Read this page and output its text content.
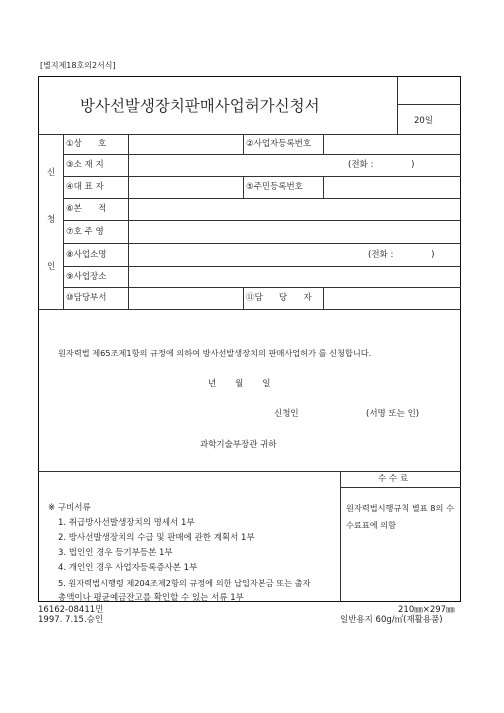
[별지제18호의2서식]
방사선발생장치판매사업허가신청서
20일
신
청
인
①상      호	②사업자등록번호
③소 재 지	(전화 :              )
④대 표 자	⑤주민등록번호
⑥본      적
⑦호 주 영
⑧사업소명	(전화 :              )
⑨사업장소
⑩담당부서	⑪담      당      자
원자력법 제65조제1항의 규정에 의하여 방사선발생장치의 판매사업허가 를 신청합니다.
년       월       일
신청인	(서명 또는 인)
과학기술부장관 귀하
수 수 료
원자력법시행규칙 별표 8의 수수료표에 의함
※ 구비서류
1. 취급방사선발생장치의 명세서 1부
2. 방사선발생장치의 수급 및 판매에 관한 계획서 1부
3. 법인인 경우 등기부등본 1부
4. 개인인 경우 사업자등록증사본 1부
5. 원자력법시행령 제204조제2항의 규정에 의한 납입자본금 또는 출자
총액이나 평균예금잔고를 확인할 수 있는 서류 1부
16162-08411민
1997. 7.15.승인
210㎜×297㎜
일반용지 60g/㎡(재활용품)
